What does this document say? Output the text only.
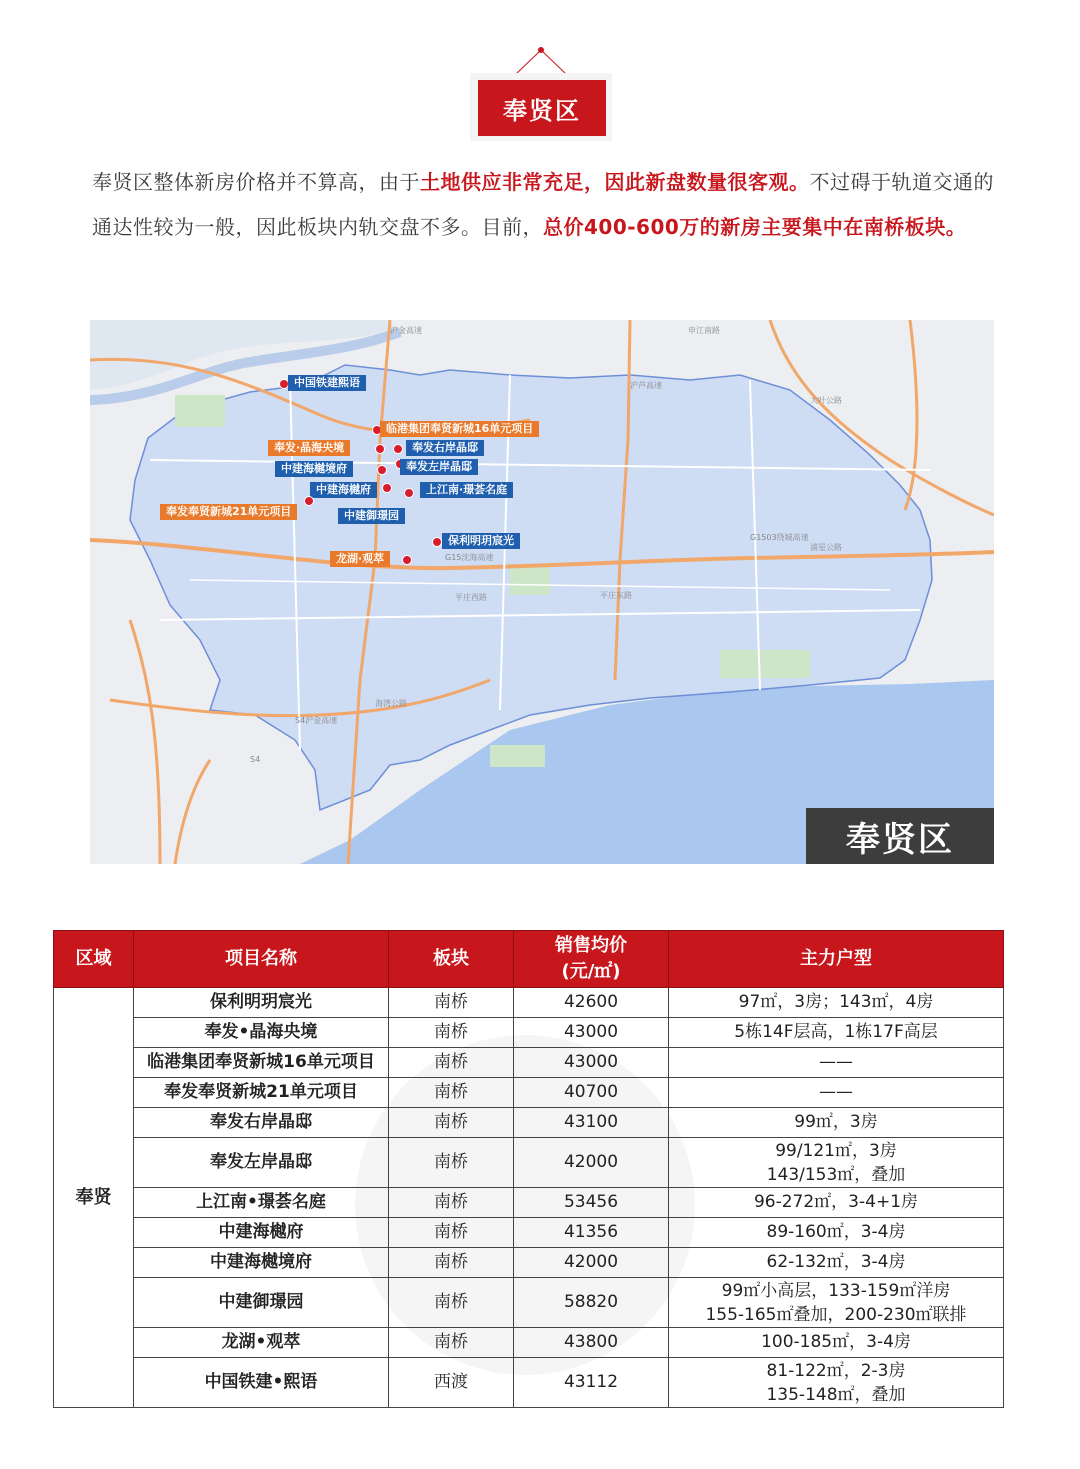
奉贤区
奉贤区整体新房价格并不算高，由于土地供应非常充足，因此新盘数量很客观。不过碍于轨道交通的通达性较为一般，因此板块内轨交盘不多。目前，总价400-600万的新房主要集中在南桥板块。
沪金高速	申江南路
沪芦高速
G15沈海高速
S4沪金高速
G1503绕城高速
平庄西路	平庄东路
大叶公路
浦星公路
S4
海湾公路
中国铁建熙语
临港集团奉贤新城16单元项目
奉发·晶海央境	奉发右岸晶邸
中建海樾境府	奉发左岸晶邸
中建海樾府	上江南·璟荟名庭
奉发奉贤新城21单元项目	中建御璟园
保利明玥宸光
龙湖·观萃
奉贤区
区域	项目名称	板块	销售均价
(元/㎡)	主力户型
奉贤	保利明玥宸光	南桥	42600	97㎡，3房；143㎡，4房
	奉发•晶海央境	南桥	43000	5栋14F层高，1栋17F高层
	临港集团奉贤新城16单元项目	南桥	43000	——
	奉发奉贤新城21单元项目	南桥	40700	——
	奉发右岸晶邸	南桥	43100	99㎡，3房
	奉发左岸晶邸	南桥	42000	99/121㎡，3房
143/153㎡，叠加
	上江南•璟荟名庭	南桥	53456	96-272㎡，3-4+1房
	中建海樾府	南桥	41356	89-160㎡，3-4房
	中建海樾境府	南桥	42000	62-132㎡，3-4房
	中建御璟园	南桥	58820	99㎡小高层，133-159㎡洋房
155-165㎡叠加，200-230㎡联排
	龙湖•观萃	南桥	43800	100-185㎡，3-4房
	中国铁建•熙语	西渡	43112	81-122㎡，2-3房
135-148㎡，叠加
